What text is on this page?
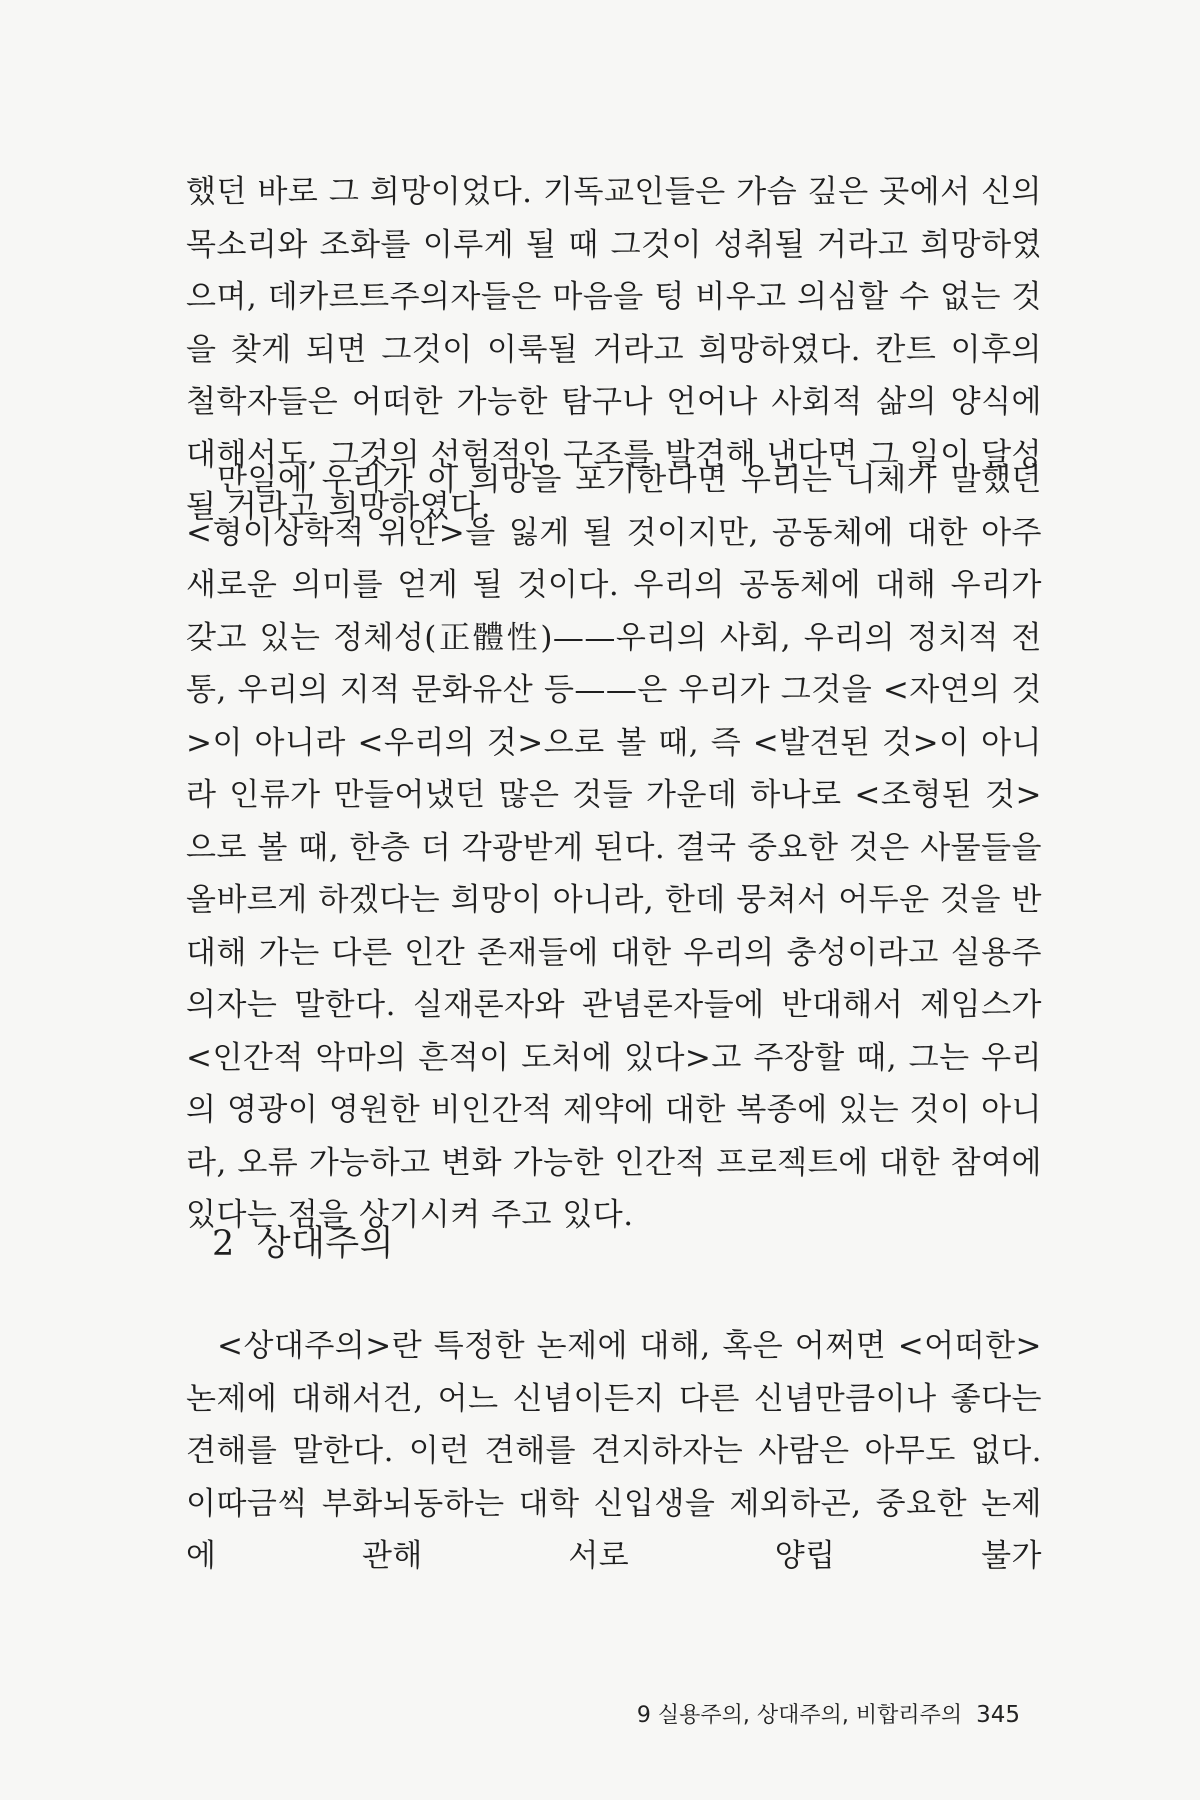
했던 바로 그 희망이었다. 기독교인들은 가슴 깊은 곳에서 신의 목소리와 조화를 이루게 될 때 그것이 성취될 거라고 희망하였으며, 데카르트주의자들은 마음을 텅 비우고 의심할 수 없는 것을 찾게 되면 그것이 이룩될 거라고 희망하였다. 칸트 이후의 철학자들은 어떠한 가능한 탐구나 언어나 사회적 삶의 양식에 대해서도, 그것의 선험적인 구조를 발견해 낸다면 그 일이 달성될 거라고 희망하였다.

만일에 우리가 이 희망을 포기한다면 우리는 니체가 말했던 <형이상학적 위안>을 잃게 될 것이지만, 공동체에 대한 아주 새로운 의미를 얻게 될 것이다. 우리의 공동체에 대해 우리가 갖고 있는 정체성(正體性)——우리의 사회, 우리의 정치적 전통, 우리의 지적 문화유산 등——은 우리가 그것을 <자연의 것>이 아니라 <우리의 것>으로 볼 때, 즉 <발견된 것>이 아니라 인류가 만들어냈던 많은 것들 가운데 하나로 <조형된 것>으로 볼 때, 한층 더 각광받게 된다. 결국 중요한 것은 사물들을 올바르게 하겠다는 희망이 아니라, 한데 뭉쳐서 어두운 것을 반대해 가는 다른 인간 존재들에 대한 우리의 충성이라고 실용주의자는 말한다. 실재론자와 관념론자들에 반대해서 제임스가 <인간적 악마의 흔적이 도처에 있다>고 주장할 때, 그는 우리의 영광이 영원한 비인간적 제약에 대한 복종에 있는 것이 아니라, 오류 가능하고 변화 가능한 인간적 프로젝트에 대한 참여에 있다는 점을 상기시켜 주고 있다.

2 상대주의

<상대주의>란 특정한 논제에 대해, 혹은 어쩌면 <어떠한> 논제에 대해서건, 어느 신념이든지 다른 신념만큼이나 좋다는 견해를 말한다. 이런 견해를 견지하자는 사람은 아무도 없다. 이따금씩 부화뇌동하는 대학 신입생을 제외하곤, 중요한 논제에 관해 서로 양립 불가

9 실용주의, 상대주의, 비합리주의 345
